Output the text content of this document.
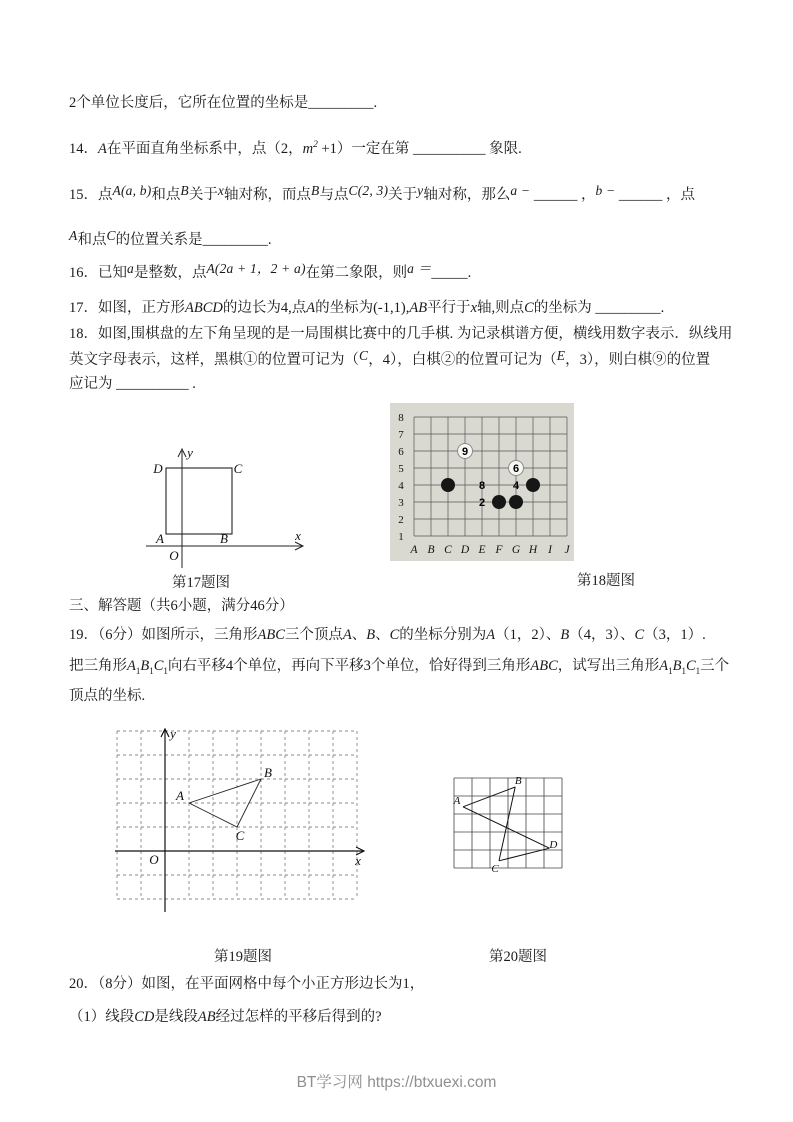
2个单位长度后，它所在位置的坐标是_________.
14．A在平面直角坐标系中，点（2，$m^2 +1$）一定在第 __________ 象限.
15．点A(a, b)和点B关于x轴对称，而点B与点C(2, 3)关于y轴对称，那么a − ______ ，b − ______ ，点
A和点C的位置关系是_________.
16．已知a是整数，点A(2a + 1，2 + a)在第二象限，则a ＝_____.
17．如图，正方形ABCD的边长为4,点A的坐标为(-1,1),AB平行于x轴,则点C的坐标为 _________.
18．如图,围棋盘的左下角呈现的是一局围棋比赛中的几手棋. 为记录棋谱方便，横线用数字表示．纵线用
英文字母表示，这样，黑棋①的位置可记为（C，4），白棋②的位置可记为（E，3），则白棋⑨的位置
应记为 __________ .
三、解答题（共6小题，满分46分）
19．（6分）如图所示，三角形ABC三个顶点A、B、C的坐标分别为A（1，2）、B（4，3）、C（3，1）.
把三角形$A_1B_1C_1$向右平移4个单位，再向下平移3个单位，恰好得到三角形ABC，试写出三角形$A_1B_1C_1$三个
顶点的坐标.
20．（8分）如图，在平面网格中每个小正方形边长为1，
（1）线段CD是线段AB经过怎样的平移后得到的?
D	C
A	B
O
x
y
第17题图
1
2
3
4
5
6
7
8
A B C D E F G H I J
9
6
8	4
2
第18题图
A
B
C
O
y
x
第19题图
A
B
C
D
第20题图
BT学习网 https://btxuexi.com
